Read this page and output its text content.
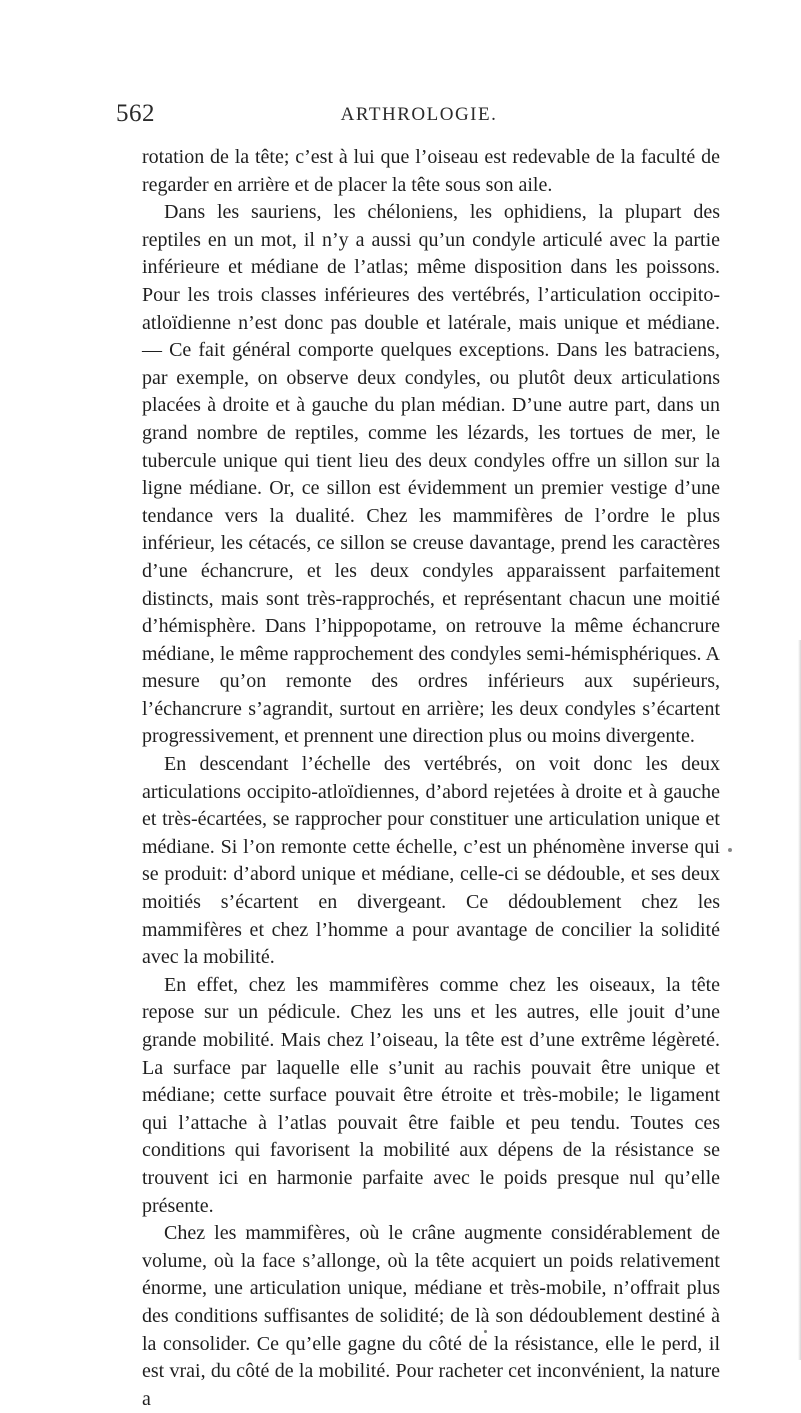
562	ARTHROLOGIE.

rotation de la tête; c’est à lui que l’oiseau est redevable de la faculté de regarder en arrière et de placer la tête sous son aile.

Dans les sauriens, les chéloniens, les ophidiens, la plupart des reptiles en un mot, il n’y a aussi qu’un condyle articulé avec la partie inférieure et médiane de l’atlas; même disposition dans les poissons. Pour les trois classes inférieures des vertébrés, l’articulation occipito-atloïdienne n’est donc pas double et latérale, mais unique et médiane. — Ce fait général comporte quelques exceptions. Dans les batraciens, par exemple, on observe deux condyles, ou plutôt deux articulations placées à droite et à gauche du plan médian. D’une autre part, dans un grand nombre de reptiles, comme les lézards, les tortues de mer, le tubercule unique qui tient lieu des deux condyles offre un sillon sur la ligne médiane. Or, ce sillon est évidemment un premier vestige d’une tendance vers la dualité. Chez les mammifères de l’ordre le plus inférieur, les cétacés, ce sillon se creuse davantage, prend les caractères d’une échancrure, et les deux condyles apparaissent parfaitement distincts, mais sont très-rapprochés, et représentant chacun une moitié d’hémisphère. Dans l’hippopotame, on retrouve la même échancrure médiane, le même rapprochement des condyles semi-hémisphériques. A mesure qu’on remonte des ordres inférieurs aux supérieurs, l’échancrure s’agrandit, surtout en arrière; les deux condyles s’écartent progressivement, et prennent une direction plus ou moins divergente.

En descendant l’échelle des vertébrés, on voit donc les deux articulations occipito-atloïdiennes, d’abord rejetées à droite et à gauche et très-écartées, se rapprocher pour constituer une articulation unique et médiane. Si l’on remonte cette échelle, c’est un phénomène inverse qui se produit: d’abord unique et médiane, celle-ci se dédouble, et ses deux moitiés s’écartent en divergeant. Ce dédoublement chez les mammifères et chez l’homme a pour avantage de concilier la solidité avec la mobilité.

En effet, chez les mammifères comme chez les oiseaux, la tête repose sur un pédicule. Chez les uns et les autres, elle jouit d’une grande mobilité. Mais chez l’oiseau, la tête est d’une extrême légèreté. La surface par laquelle elle s’unit au rachis pouvait être unique et médiane; cette surface pouvait être étroite et très-mobile; le ligament qui l’attache à l’atlas pouvait être faible et peu tendu. Toutes ces conditions qui favorisent la mobilité aux dépens de la résistance se trouvent ici en harmonie parfaite avec le poids presque nul qu’elle présente.

Chez les mammifères, où le crâne augmente considérablement de volume, où la face s’allonge, où la tête acquiert un poids relativement énorme, une articulation unique, médiane et très-mobile, n’offrait plus des conditions suffisantes de solidité; de là son dédoublement destiné à la consolider. Ce qu’elle gagne du côté de la résistance, elle le perd, il est vrai, du côté de la mobilité. Pour racheter cet inconvénient, la nature a
